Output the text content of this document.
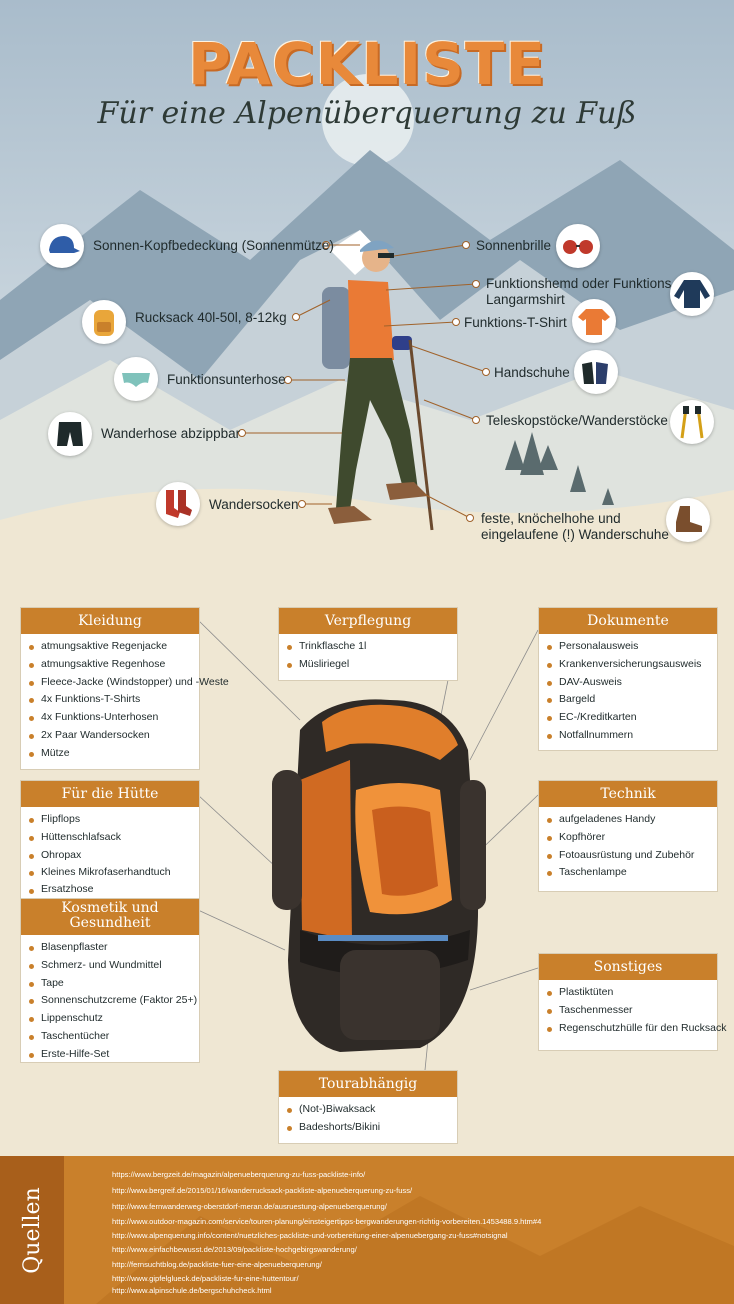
PACKLISTE
Für eine Alpenüberquerung zu Fuß
Sonnen-Kopfbedeckung (Sonnenmütze)
Rucksack 40l-50l, 8-12kg
Funktionsunterhose
Wanderhose abzippbar
Wandersocken
Sonnenbrille
Funktionshemd oder Funktions
Langarmshirt
Funktions-T-Shirt
Handschuhe
Teleskopstöcke/Wanderstöcke
feste, knöchelhohe und
eingelaufene (!) Wanderschuhe
Kleidung
atmungsaktive Regenjacke
atmungsaktive Regenhose
Fleece-Jacke (Windstopper) und -Weste
4x Funktions-T-Shirts
4x Funktions-Unterhosen
2x Paar Wandersocken
Mütze
Verpflegung
Trinkflasche 1l
Müsliriegel
Dokumente
Personalausweis
Krankenversicherungsausweis
DAV-Ausweis
Bargeld
EC-/Kreditkarten
Notfallnummern
Für die Hütte
Flipflops
Hüttenschlafsack
Ohropax
Kleines Mikrofaserhandtuch
Ersatzhose
Technik
aufgeladenes Handy
Kopfhörer
Fotoausrüstung und Zubehör
Taschenlampe
Kosmetik und
Gesundheit
Blasenpflaster
Schmerz- und Wundmittel
Tape
Sonnenschutzcreme (Faktor 25+)
Lippenschutz
Taschentücher
Erste-Hilfe-Set
Sonstiges
Plastiktüten
Taschenmesser
Regenschutzhülle für den Rucksack
Tourabhängig
(Not-)Biwaksack
Badeshorts/Bikini
Quellen
https://www.bergzeit.de/magazin/alpenueberquerung-zu-fuss-packliste-info/
http://www.bergreif.de/2015/01/16/wanderrucksack-packliste-alpenueberquerung-zu-fuss/
http://www.fernwanderweg-oberstdorf-meran.de/ausruestung-alpenueberquerung/
http://www.outdoor-magazin.com/service/touren-planung/einsteigertipps-bergwanderungen-richtig-vorbereiten.1453488.9.htm#4
http://www.alpenquerung.info/content/nuetzliches-packliste-und-vorbereitung-einer-alpenuebergang-zu-fuss#notsignal
http://www.einfachbewusst.de/2013/09/packliste-hochgebirgswanderung/
http://fernsuchtblog.de/packliste-fuer-eine-alpenueberquerung/
http://www.gipfelglueck.de/packliste-fur-eine-huttentour/
http://www.alpinschule.de/bergschuhcheck.html
